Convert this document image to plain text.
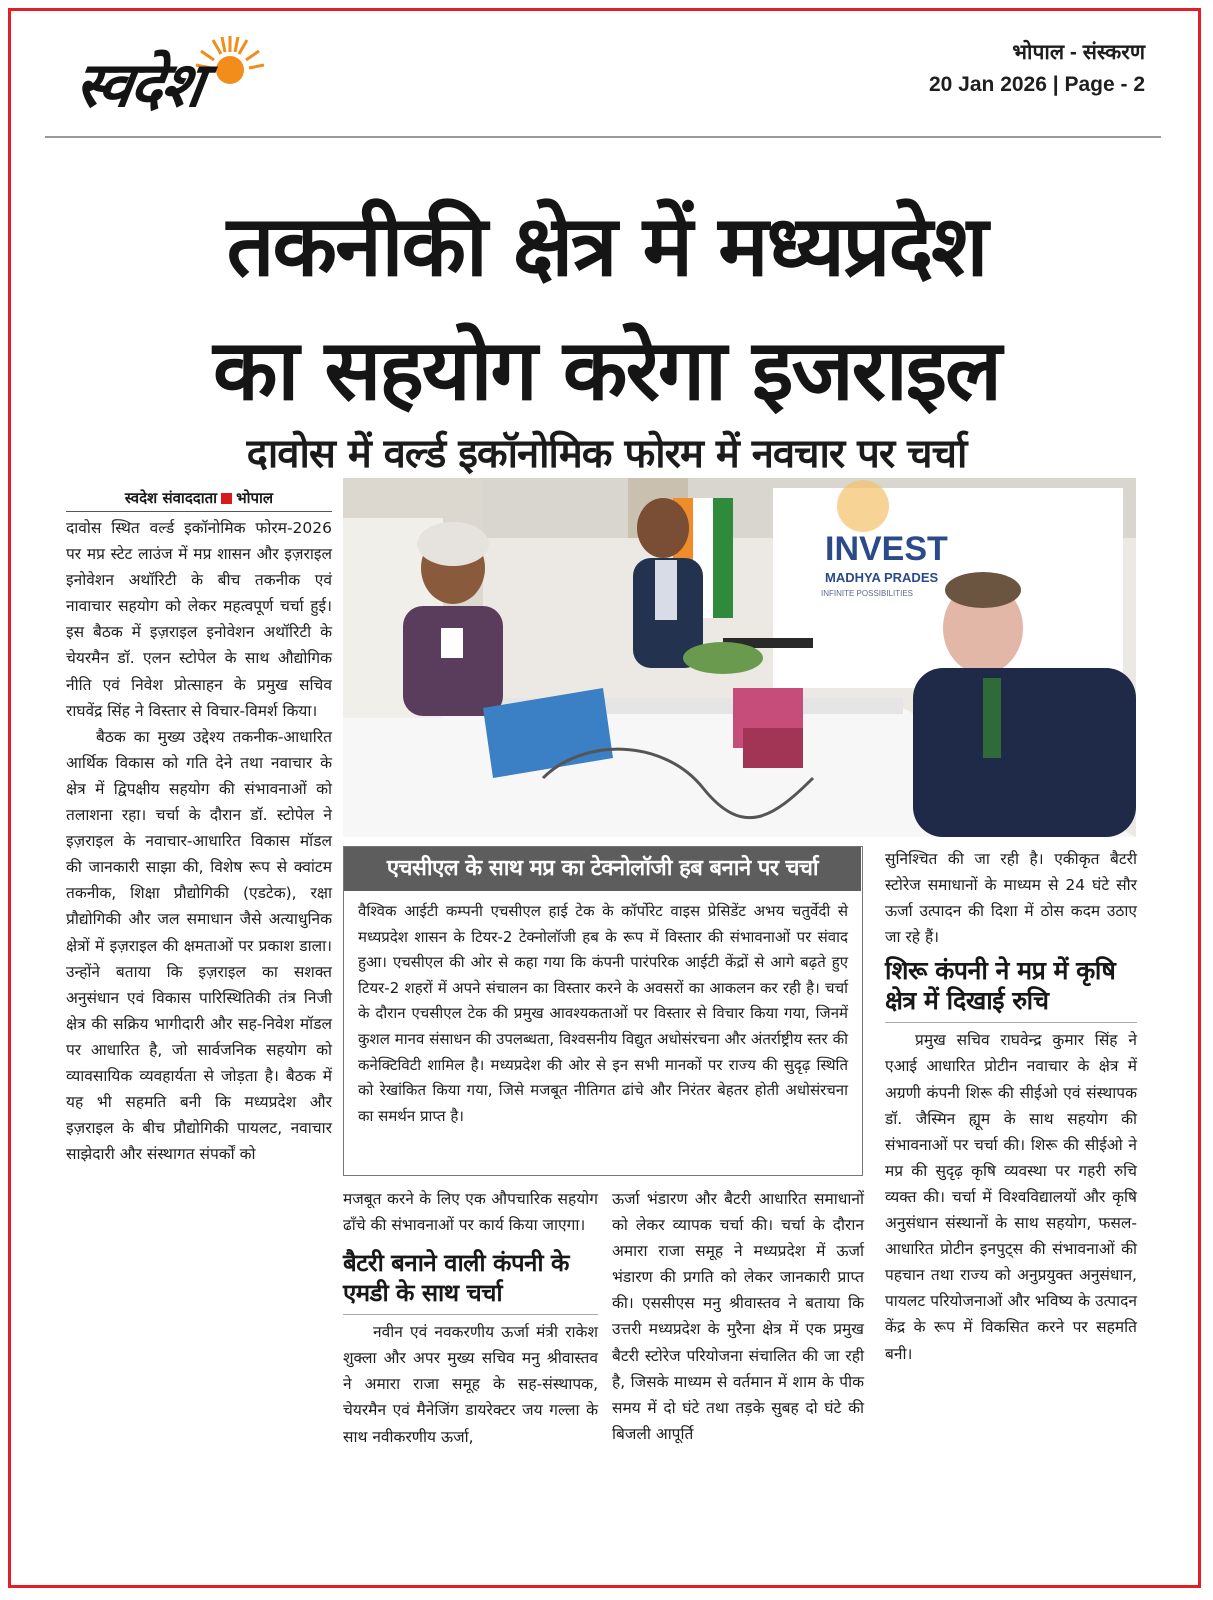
स्वदेश	भोपाल - संस्करण
20 Jan 2026 | Page - 2
तकनीकी क्षेत्र में मध्यप्रदेश
का सहयोग करेगा इजराइल
दावोस में वर्ल्ड इकॉनोमिक फोरम में नवचार पर चर्चा
स्वदेश संवाददाता भोपाल

दावोस स्थित वर्ल्ड इकॉनोमिक फोरम-2026 पर मप्र स्टेट लाउंज में मप्र शासन और इज़राइल इनोवेशन अथॉरिटी के बीच तकनीक एवं नावाचार सहयोग को लेकर महत्वपूर्ण चर्चा हुई। इस बैठक में इज़राइल इनोवेशन अथॉरिटी के चेयरमैन डॉ. एलन स्टोपेल के साथ औद्योगिक नीति एवं निवेश प्रोत्साहन के प्रमुख सचिव राघवेंद्र सिंह ने विस्तार से विचार-विमर्श किया।

बैठक का मुख्य उद्देश्य तकनीक-आधारित आर्थिक विकास को गति देने तथा नवाचार के क्षेत्र में द्विपक्षीय सहयोग की संभावनाओं को तलाशना रहा। चर्चा के दौरान डॉ. स्टोपेल ने इज़राइल के नवाचार-आधारित विकास मॉडल की जानकारी साझा की, विशेष रूप से क्वांटम तकनीक, शिक्षा प्रौद्योगिकी (एडटेक), रक्षा प्रौद्योगिकी और जल समाधान जैसे अत्याधुनिक क्षेत्रों में इज़राइल की क्षमताओं पर प्रकाश डाला। उन्होंने बताया कि इज़राइल का सशक्त अनुसंधान एवं विकास पारिस्थितिकी तंत्र निजी क्षेत्र की सक्रिय भागीदारी और सह-निवेश मॉडल पर आधारित है, जो सार्वजनिक सहयोग को व्यावसायिक व्यवहार्यता से जोड़ता है। बैठक में यह भी सहमति बनी कि मध्यप्रदेश और इज़राइल के बीच प्रौद्योगिकी पायलट, नवाचार साझेदारी और संस्थागत संपर्कों को

INVEST
MADHYA PRADES
INFINITE POSSIBILITIES
एचसीएल के साथ मप्र का टेक्नोलॉजी हब बनाने पर चर्चा
वैश्विक आईटी कम्पनी एचसीएल हाई टेक के कॉर्पोरेट वाइस प्रेसिडेंट अभय चतुर्वेदी से मध्यप्रदेश शासन के टियर-2 टेक्नोलॉजी हब के रूप में विस्तार की संभावनाओं पर संवाद हुआ। एचसीएल की ओर से कहा गया कि कंपनी पारंपरिक आईटी केंद्रों से आगे बढ़ते हुए टियर-2 शहरों में अपने संचालन का विस्तार करने के अवसरों का आकलन कर रही है। चर्चा के दौरान एचसीएल टेक की प्रमुख आवश्यकताओं पर विस्तार से विचार किया गया, जिनमें कुशल मानव संसाधन की उपलब्धता, विश्वसनीय विद्युत अधोसंरचना और अंतर्राष्ट्रीय स्तर की कनेक्टिविटी शामिल है। मध्यप्रदेश की ओर से इन सभी मानकों पर राज्य की सुदृढ़ स्थिति को रेखांकित किया गया, जिसे मजबूत नीतिगत ढांचे और निरंतर बेहतर होती अधोसंरचना का समर्थन प्राप्त है।

मजबूत करने के लिए एक औपचारिक सहयोग ढाँचे की संभावनाओं पर कार्य किया जाएगा।

बैटरी बनाने वाली कंपनी के एमडी के साथ चर्चा

नवीन एवं नवकरणीय ऊर्जा मंत्री राकेश शुक्ला और अपर मुख्य सचिव मनु श्रीवास्तव ने अमारा राजा समूह के सह-संस्थापक, चेयरमैन एवं मैनेजिंग डायरेक्टर जय गल्ला के साथ नवीकरणीय ऊर्जा,

ऊर्जा भंडारण और बैटरी आधारित समाधानों को लेकर व्यापक चर्चा की। चर्चा के दौरान अमारा राजा समूह ने मध्यप्रदेश में ऊर्जा भंडारण की प्रगति को लेकर जानकारी प्राप्त की। एससीएस मनु श्रीवास्तव ने बताया कि उत्तरी मध्यप्रदेश के मुरैना क्षेत्र में एक प्रमुख बैटरी स्टोरेज परियोजना संचालित की जा रही है, जिसके माध्यम से वर्तमान में शाम के पीक समय में दो घंटे तथा तड़के सुबह दो घंटे की बिजली आपूर्ति

सुनिश्चित की जा रही है। एकीकृत बैटरी स्टोरेज समाधानों के माध्यम से 24 घंटे सौर ऊर्जा उत्पादन की दिशा में ठोस कदम उठाए जा रहे हैं।

शिरू कंपनी ने मप्र में कृषि क्षेत्र में दिखाई रुचि

प्रमुख सचिव राघवेन्द्र कुमार सिंह ने एआई आधारित प्रोटीन नवाचार के क्षेत्र में अग्रणी कंपनी शिरू की सीईओ एवं संस्थापक डॉ. जैस्मिन ह्यूम के साथ सहयोग की संभावनाओं पर चर्चा की। शिरू की सीईओ ने मप्र की सुदृढ़ कृषि व्यवस्था पर गहरी रुचि व्यक्त की। चर्चा में विश्वविद्यालयों और कृषि अनुसंधान संस्थानों के साथ सहयोग, फसल-आधारित प्रोटीन इनपुट्स की संभावनाओं की पहचान तथा राज्य को अनुप्रयुक्त अनुसंधान, पायलट परियोजनाओं और भविष्य के उत्पादन केंद्र के रूप में विकसित करने पर सहमति बनी।
